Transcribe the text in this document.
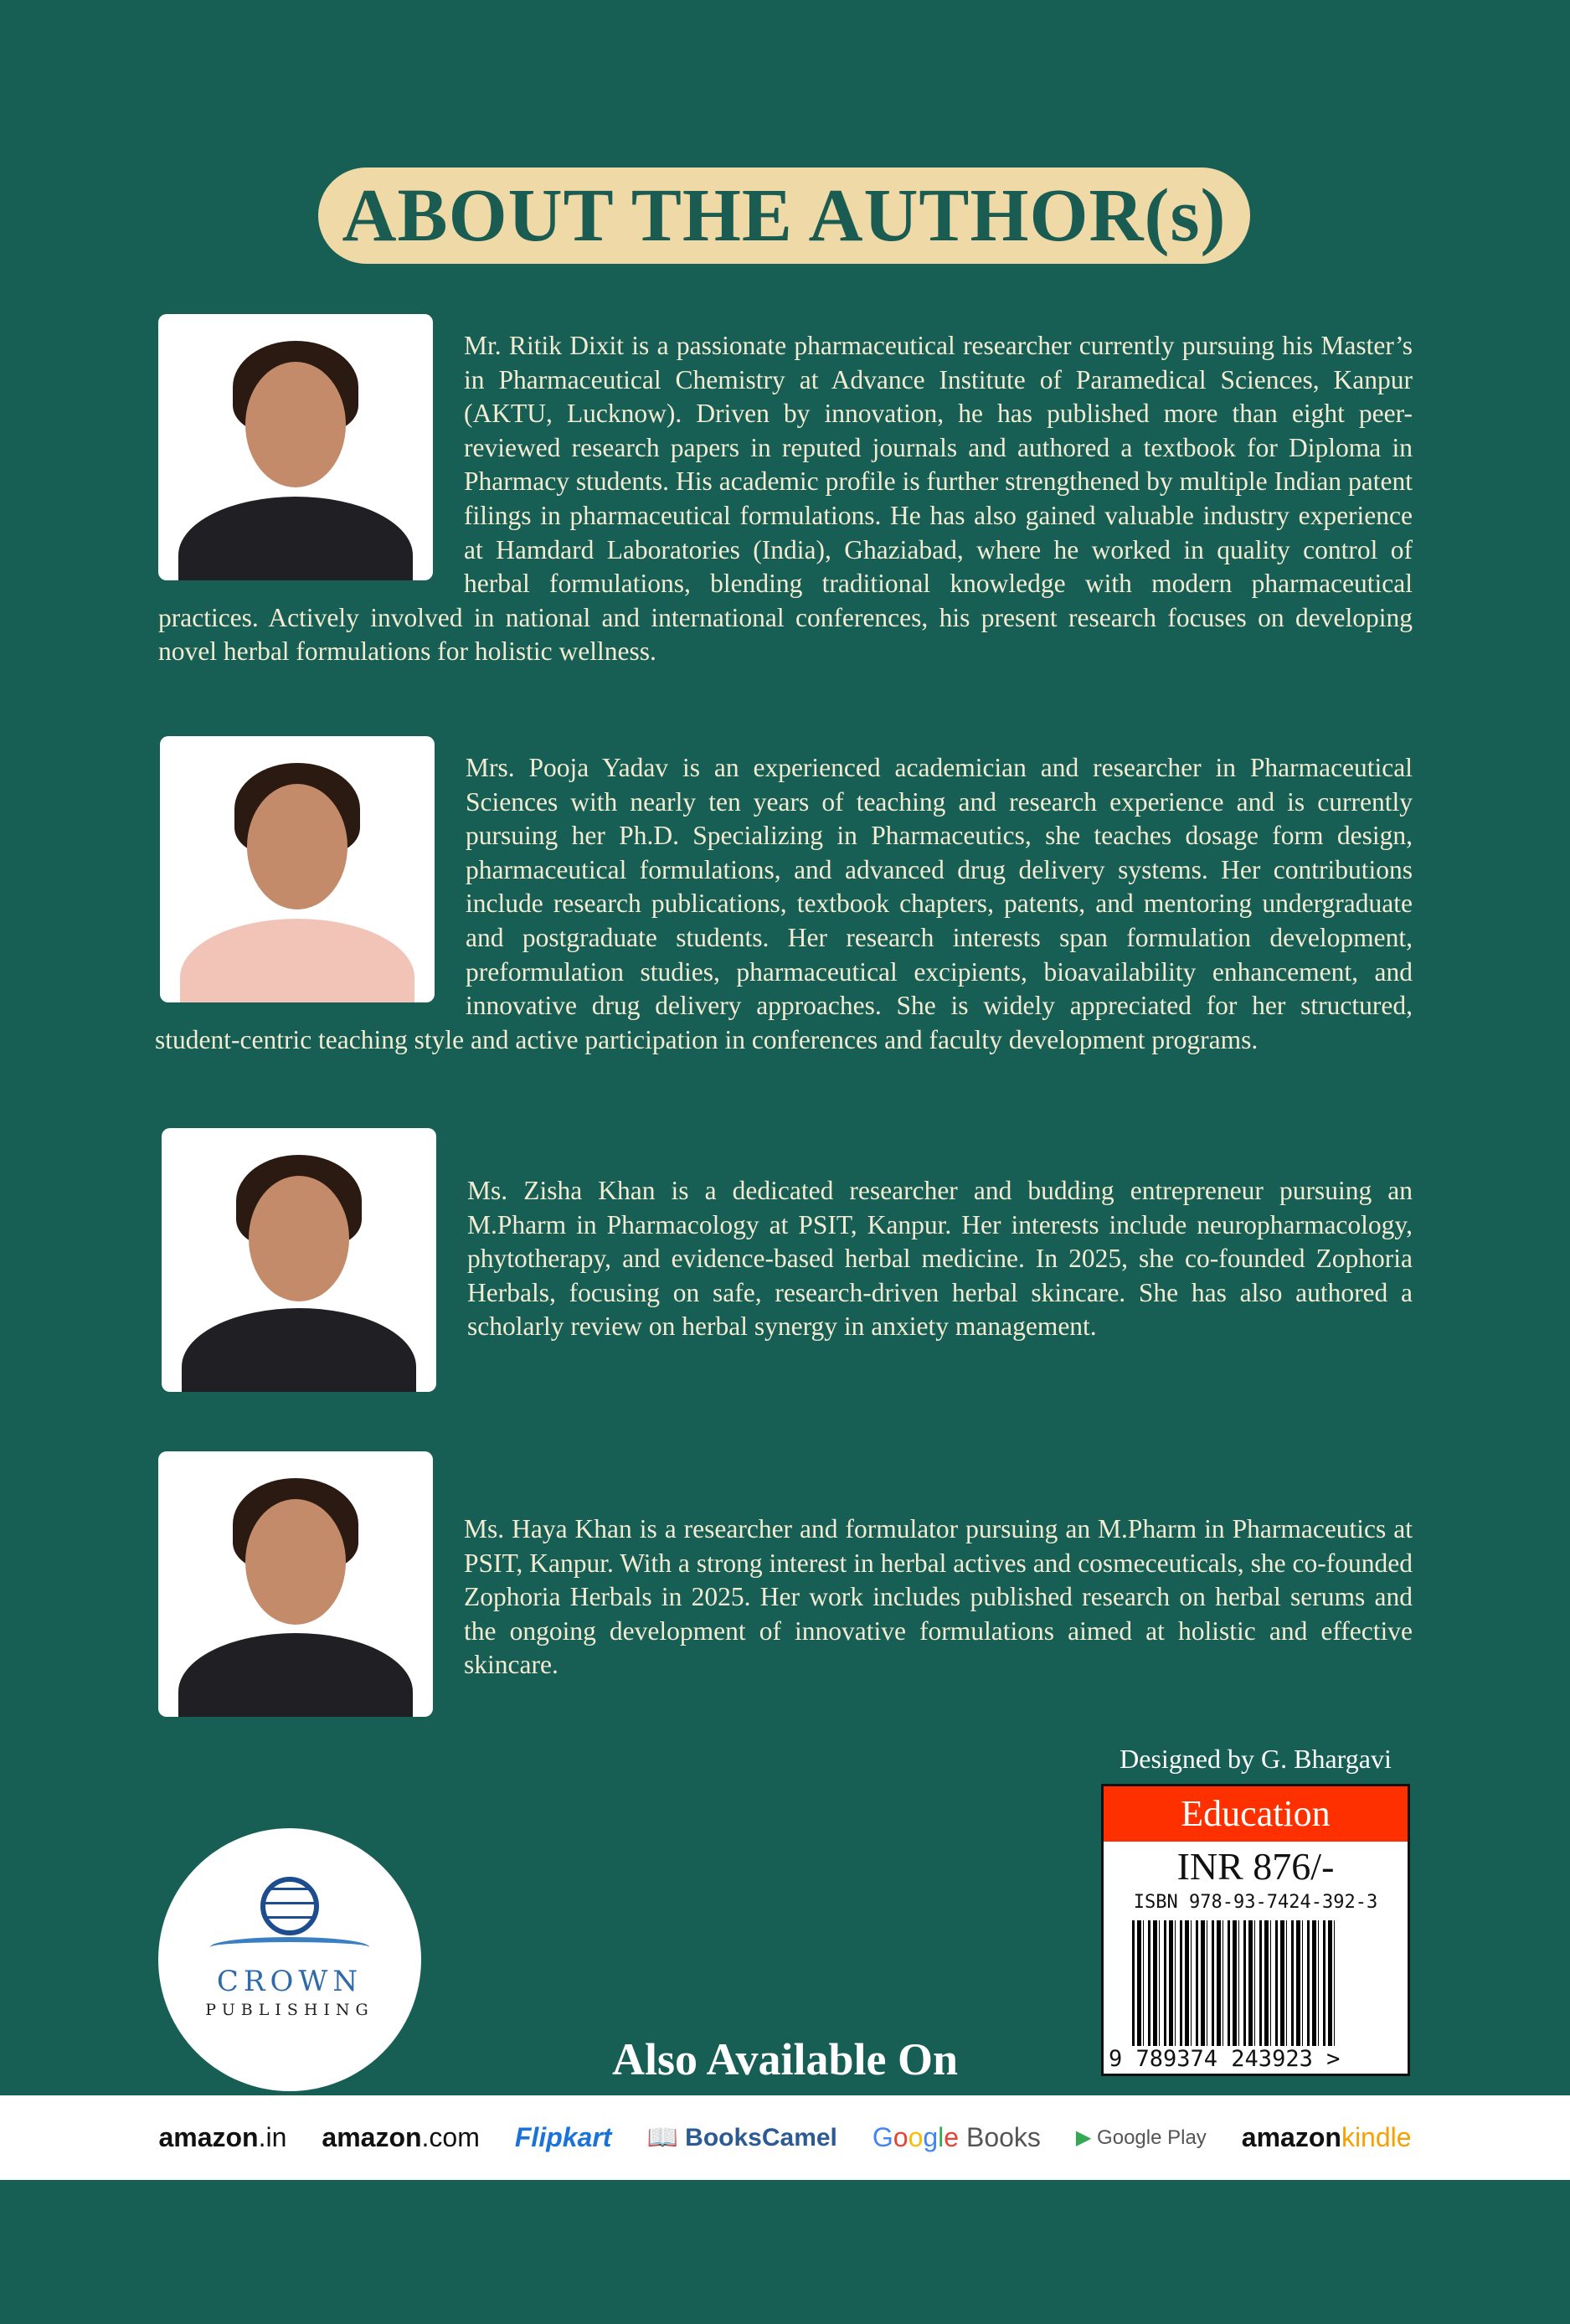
ABOUT THE AUTHOR(s)
Mr. Ritik Dixit is a passionate pharmaceutical researcher currently pursuing his Master’s in Pharmaceutical Chemistry at Advance Institute of Paramedical Sciences, Kanpur (AKTU, Lucknow). Driven by innovation, he has published more than eight peer-reviewed research papers in reputed journals and authored a textbook for Diploma in Pharmacy students. His academic profile is further strengthened by multiple Indian patent filings in pharmaceutical formulations. He has also gained valuable industry experience at Hamdard Laboratories (India), Ghaziabad, where he worked in quality control of herbal formulations, blending traditional knowledge with modern pharmaceutical practices. Actively involved in national and international conferences, his present research focuses on developing novel herbal formulations for holistic wellness.
Mrs. Pooja Yadav is an experienced academician and researcher in Pharmaceutical Sciences with nearly ten years of teaching and research experience and is currently pursuing her Ph.D. Specializing in Pharmaceutics, she teaches dosage form design, pharmaceutical formulations, and advanced drug delivery systems. Her contributions include research publications, textbook chapters, patents, and mentoring undergraduate and postgraduate students. Her research interests span formulation development, preformulation studies, pharmaceutical excipients, bioavailability enhancement, and innovative drug delivery approaches. She is widely appreciated for her structured, student-centric teaching style and active participation in conferences and faculty development programs.
Ms. Zisha Khan is a dedicated researcher and budding entrepreneur pursuing an M.Pharm in Pharmacology at PSIT, Kanpur. Her interests include neuropharmacology, phytotherapy, and evidence-based herbal medicine. In 2025, she co-founded Zophoria Herbals, focusing on safe, research-driven herbal skincare. She has also authored a scholarly review on herbal synergy in anxiety management.
Ms. Haya Khan is a researcher and formulator pursuing an M.Pharm in Pharmaceutics at PSIT, Kanpur. With a strong interest in herbal actives and cosmeceuticals, she co-founded Zophoria Herbals in 2025. Her work includes published research on herbal serums and the ongoing development of innovative formulations aimed at holistic and effective skincare.
Designed by G. Bhargavi
Education
INR 876/-
ISBN 978-93-7424-392-3
9 789374 243923 >
CROWN
PUBLISHING
Also Available On
amazon.in amazon.com Flipkart 📖 BooksCamel Google Books ▶ Google Play amazonkindle
